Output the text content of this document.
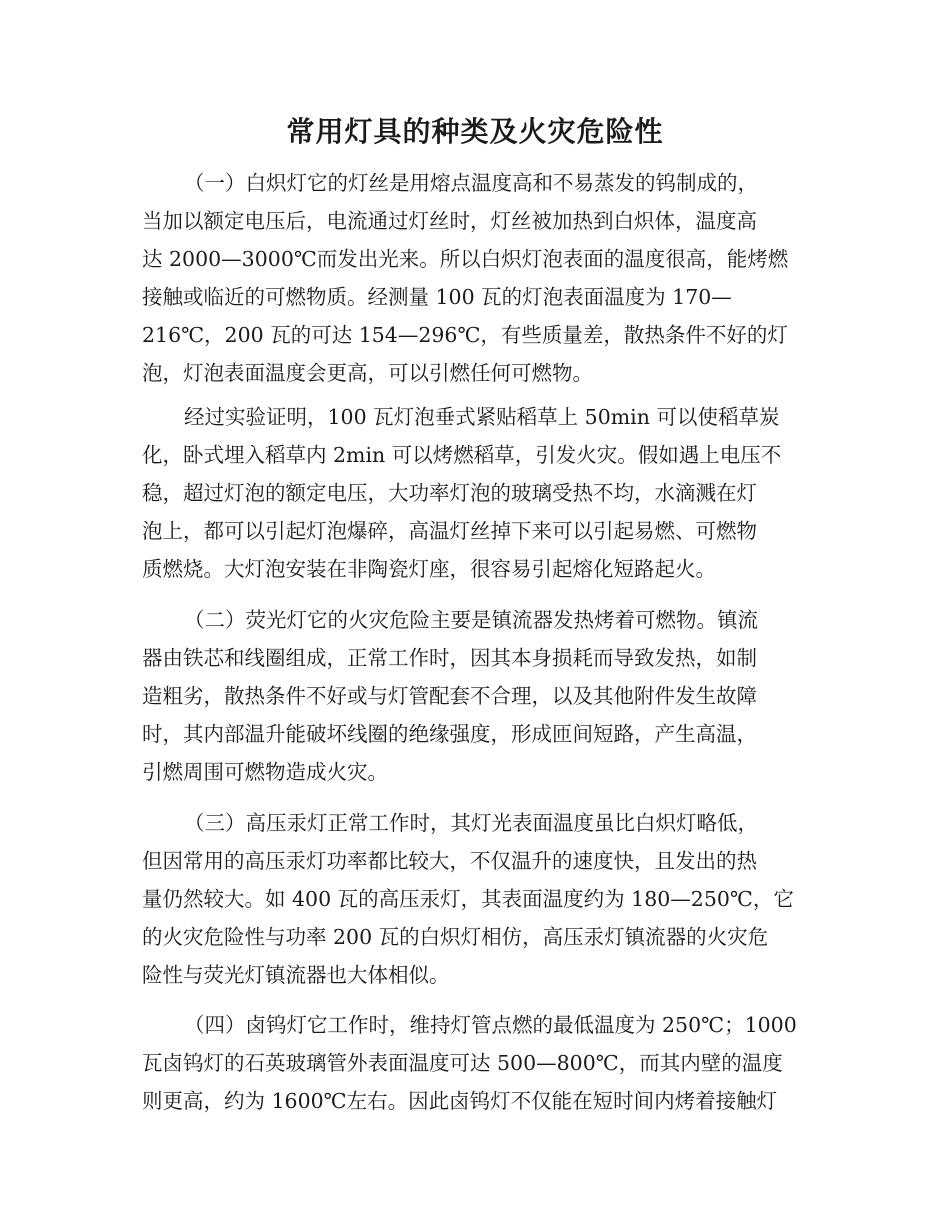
常用灯具的种类及火灾危险性
（一）白炽灯它的灯丝是用熔点温度高和不易蒸发的钨制成的，
当加以额定电压后，电流通过灯丝时，灯丝被加热到白炽体，温度高
达 2000—3000℃而发出光来。所以白炽灯泡表面的温度很高，能烤燃
接触或临近的可燃物质。经测量 100 瓦的灯泡表面温度为 170—
216℃，200 瓦的可达 154—296℃，有些质量差，散热条件不好的灯
泡，灯泡表面温度会更高，可以引燃任何可燃物。
经过实验证明，100 瓦灯泡垂式紧贴稻草上 50min 可以使稻草炭
化，卧式埋入稻草内 2min 可以烤燃稻草，引发火灾。假如遇上电压不
稳，超过灯泡的额定电压，大功率灯泡的玻璃受热不均，水滴溅在灯
泡上，都可以引起灯泡爆碎，高温灯丝掉下来可以引起易燃、可燃物
质燃烧。大灯泡安装在非陶瓷灯座，很容易引起熔化短路起火。
（二）荧光灯它的火灾危险主要是镇流器发热烤着可燃物。镇流
器由铁芯和线圈组成，正常工作时，因其本身损耗而导致发热，如制
造粗劣，散热条件不好或与灯管配套不合理，以及其他附件发生故障
时，其内部温升能破坏线圈的绝缘强度，形成匝间短路，产生高温，
引燃周围可燃物造成火灾。
（三）高压汞灯正常工作时，其灯光表面温度虽比白炽灯略低，
但因常用的高压汞灯功率都比较大，不仅温升的速度快，且发出的热
量仍然较大。如 400 瓦的高压汞灯，其表面温度约为 180—250℃，它
的火灾危险性与功率 200 瓦的白炽灯相仿，高压汞灯镇流器的火灾危
险性与荧光灯镇流器也大体相似。
（四）卤钨灯它工作时，维持灯管点燃的最低温度为 250℃；1000
瓦卤钨灯的石英玻璃管外表面温度可达 500—800℃，而其内壁的温度
则更高，约为 1600℃左右。因此卤钨灯不仅能在短时间内烤着接触灯
